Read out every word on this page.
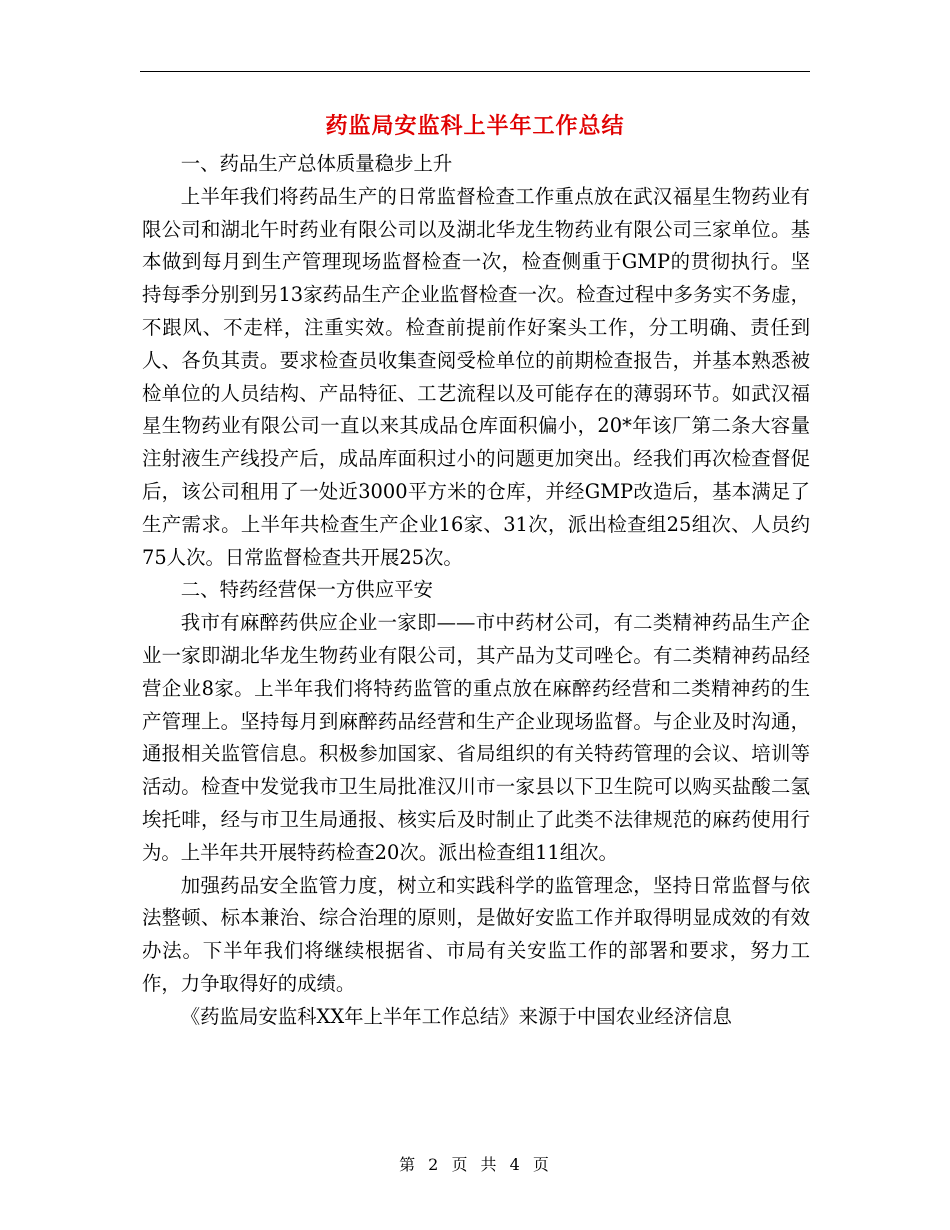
药监局安监科上半年工作总结

一、药品生产总体质量稳步上升

上半年我们将药品生产的日常监督检查工作重点放在武汉福星生物药业有限公司和湖北午时药业有限公司以及湖北华龙生物药业有限公司三家单位。基本做到每月到生产管理现场监督检查一次，检查侧重于GMP的贯彻执行。坚持每季分别到另13家药品生产企业监督检查一次。检查过程中多务实不务虚，不跟风、不走样，注重实效。检查前提前作好案头工作，分工明确、责任到人、各负其责。要求检查员收集查阅受检单位的前期检查报告，并基本熟悉被检单位的人员结构、产品特征、工艺流程以及可能存在的薄弱环节。如武汉福星生物药业有限公司一直以来其成品仓库面积偏小，20*年该厂第二条大容量注射液生产线投产后，成品库面积过小的问题更加突出。经我们再次检查督促后，该公司租用了一处近3000平方米的仓库，并经GMP改造后，基本满足了生产需求。上半年共检查生产企业16家、31次，派出检查组25组次、人员约75人次。日常监督检查共开展25次。

二、特药经营保一方供应平安

我市有麻醉药供应企业一家即——市中药材公司，有二类精神药品生产企业一家即湖北华龙生物药业有限公司，其产品为艾司唑仑。有二类精神药品经营企业8家。上半年我们将特药监管的重点放在麻醉药经营和二类精神药的生产管理上。坚持每月到麻醉药品经营和生产企业现场监督。与企业及时沟通，通报相关监管信息。积极参加国家、省局组织的有关特药管理的会议、培训等活动。检查中发觉我市卫生局批准汉川市一家县以下卫生院可以购买盐酸二氢埃托啡，经与市卫生局通报、核实后及时制止了此类不法律规范的麻药使用行为。上半年共开展特药检查20次。派出检查组11组次。

加强药品安全监管力度，树立和实践科学的监管理念，坚持日常监督与依法整顿、标本兼治、综合治理的原则，是做好安监工作并取得明显成效的有效办法。下半年我们将继续根据省、市局有关安监工作的部署和要求，努力工作，力争取得好的成绩。

《药监局安监科XX年上半年工作总结》来源于中国农业经济信息

第 2 页 共 4 页
